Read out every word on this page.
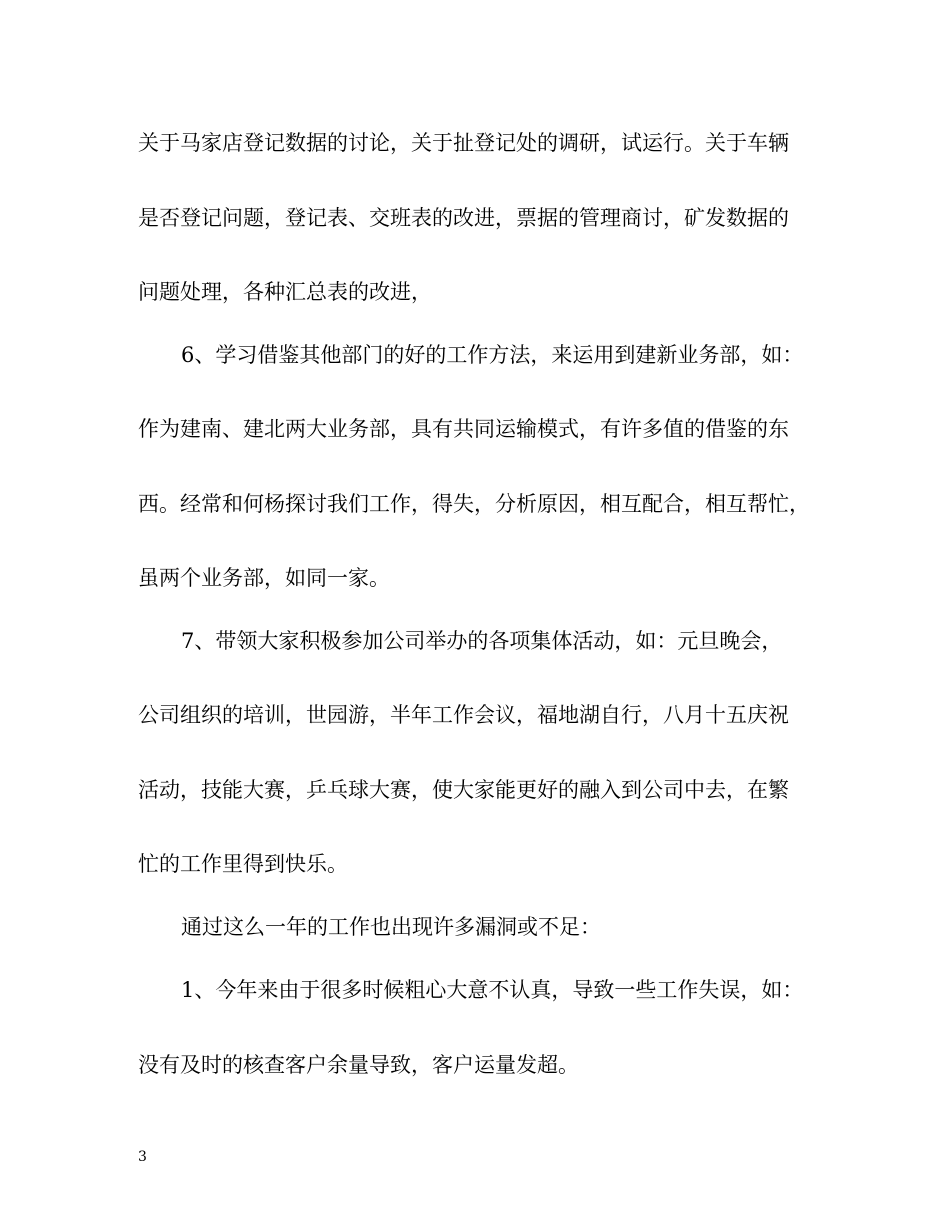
关于马家店登记数据的讨论，关于扯登记处的调研，试运行。关于车辆
是否登记问题，登记表、交班表的改进，票据的管理商讨，矿发数据的
问题处理，各种汇总表的改进，
6、学习借鉴其他部门的好的工作方法，来运用到建新业务部，如：
作为建南、建北两大业务部，具有共同运输模式，有许多值的借鉴的东
西。经常和何杨探讨我们工作，得失，分析原因，相互配合，相互帮忙，
虽两个业务部，如同一家。
7、带领大家积极参加公司举办的各项集体活动，如：元旦晚会，
公司组织的培训，世园游，半年工作会议，福地湖自行，八月十五庆祝
活动，技能大赛，乒乓球大赛，使大家能更好的融入到公司中去，在繁
忙的工作里得到快乐。
通过这么一年的工作也出现许多漏洞或不足：
1、今年来由于很多时候粗心大意不认真，导致一些工作失误，如：
没有及时的核查客户余量导致，客户运量发超。
3
